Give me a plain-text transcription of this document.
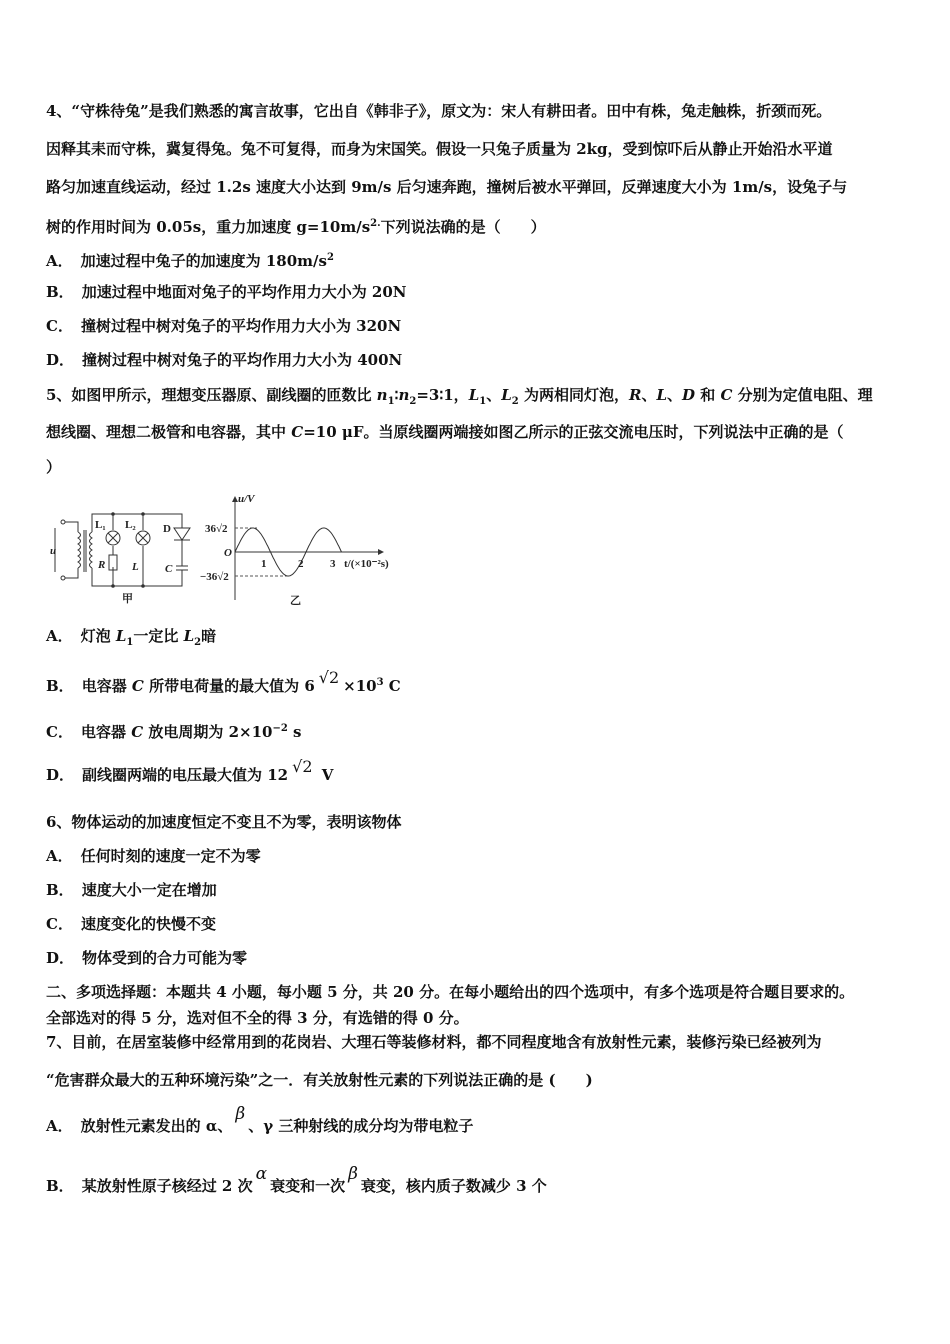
4、“守株待兔”是我们熟悉的寓言故事，它出自《韩非子》，原文为：宋人有耕田者。田中有株，兔走触株，折颈而死。
因释其耒而守株，冀复得兔。兔不可复得，而身为宋国笑。假设一只兔子质量为 2kg，受到惊吓后从静止开始沿水平道
路匀加速直线运动，经过 1.2s 速度大小达到 9m/s 后匀速奔跑，撞树后被水平弹回，反弹速度大小为 1m/s，设兔子与
树的作用时间为 0.05s，重力加速度 $g=10m/s^{2.}$下列说法确的是（　　）
A． 加速过程中兔子的加速度为 $180m/s^2$
B． 加速过程中地面对兔子的平均作用力大小为 20N
C． 撞树过程中树对兔子的平均作用力大小为 320N
D． 撞树过程中树对兔子的平均作用力大小为 400N
5、如图甲所示，理想变压器原、副线圈的匝数比 $n_1∶n_2=3∶1$，$L_1$、$L_2$ 为两相同灯泡，R、L、D 和 C 分别为定值电阻、理
想线圈、理想二极管和电容器，其中 C=10 μF。当原线圈两端接如图乙所示的正弦交流电压时，下列说法中正确的是（
）
u
L₁ L₂ D
R L C
甲
u/V
36√2
−36√2
O
1	2 3 t/(×10⁻²s)
乙
A． 灯泡 $L_1$一定比 $L_2$暗
B． 电容器 C 所带电荷量的最大值为 6 $√2 \times 10^3$ C
C． 电容器 C 放电周期为 $2\times 10^{-2}$ s
D． 副线圈两端的电压最大值为 12 √2 V
6、物体运动的加速度恒定不变且不为零，表明该物体
A． 任何时刻的速度一定不为零
B． 速度大小一定在增加
C． 速度变化的快慢不变
D． 物体受到的合力可能为零
二、多项选择题：本题共 4 小题，每小题 5 分，共 20 分。在每小题给出的四个选项中，有多个选项是符合题目要求的。
全部选对的得 5 分，选对但不全的得 3 分，有选错的得 0 分。
7、目前，在居室装修中经常用到的花岗岩、大理石等装修材料，都不同程度地含有放射性元素，装修污染已经被列为
“危害群众最大的五种环境污染”之一．有关放射性元素的下列说法正确的是 (　　)
A． 放射性元素发出的 α、β、γ 三种射线的成分均为带电粒子
B． 某放射性原子核经过 2 次α衰变和一次β衰变，核内质子数减少 3 个
